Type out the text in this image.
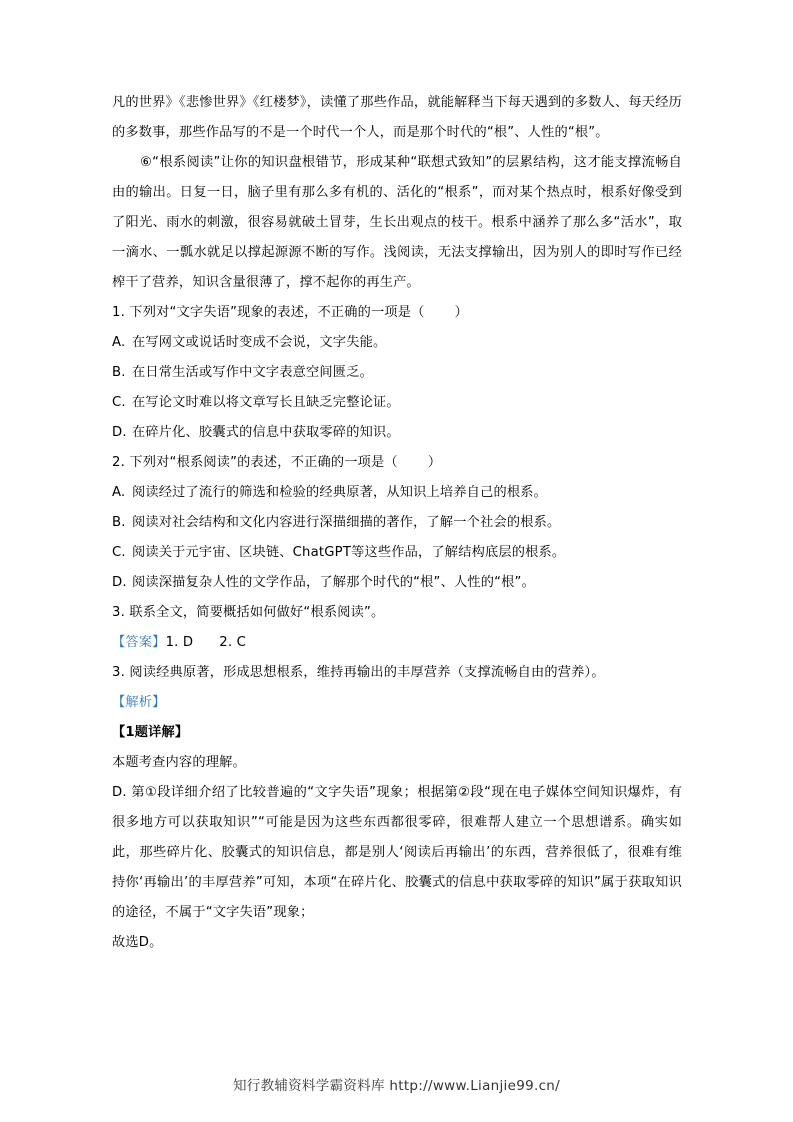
凡的世界》《悲惨世界》《红楼梦》，读懂了那些作品，就能解释当下每天遇到的多数人、每天经历的多数事，那些作品写的不是一个时代一个人，而是那个时代的“根”、人性的“根”。

⑥“根系阅读”让你的知识盘根错节，形成某种“联想式致知”的层累结构，这才能支撑流畅自由的输出。日复一日，脑子里有那么多有机的、活化的“根系”，而对某个热点时，根系好像受到了阳光、雨水的刺激，很容易就破土冒芽，生长出观点的枝干。根系中涵养了那么多“活水”，取一滴水、一瓢水就足以撑起源源不断的写作。浅阅读，无法支撑输出，因为别人的即时写作已经榨干了营养，知识含量很薄了，撑不起你的再生产。

1. 下列对“文字失语”现象的表述，不正确的一项是（ ）

A. 在写网文或说话时变成不会说，文字失能。

B. 在日常生活或写作中文字表意空间匮乏。

C. 在写论文时难以将文章写长且缺乏完整论证。

D. 在碎片化、胶囊式的信息中获取零碎的知识。

2. 下列对“根系阅读”的表述，不正确的一项是（ ）

A. 阅读经过了流行的筛选和检验的经典原著，从知识上培养自己的根系。

B. 阅读对社会结构和文化内容进行深描细描的著作，了解一个社会的根系。

C. 阅读关于元宇宙、区块链、ChatGPT等这些作品，了解结构底层的根系。

D. 阅读深描复杂人性的文学作品，了解那个时代的“根”、人性的“根”。

3. 联系全文，简要概括如何做好“根系阅读”。

【答案】1. D 2. C

3. 阅读经典原著，形成思想根系，维持再输出的丰厚营养（支撑流畅自由的营养）。

【解析】

【1题详解】

本题考查内容的理解。

D. 第①段详细介绍了比较普遍的“文字失语”现象；根据第②段“现在电子媒体空间知识爆炸，有很多地方可以获取知识”“可能是因为这些东西都很零碎，很难帮人建立一个思想谱系。确实如此，那些碎片化、胶囊式的知识信息，都是别人‘阅读后再输出’的东西，营养很低了，很难有维持你‘再输出’的丰厚营养”可知，本项“在碎片化、胶囊式的信息中获取零碎的知识”属于获取知识的途径，不属于“文字失语”现象；

故选D。

知行教辅资料学霸资料库 http://www.Lianjie99.cn/
